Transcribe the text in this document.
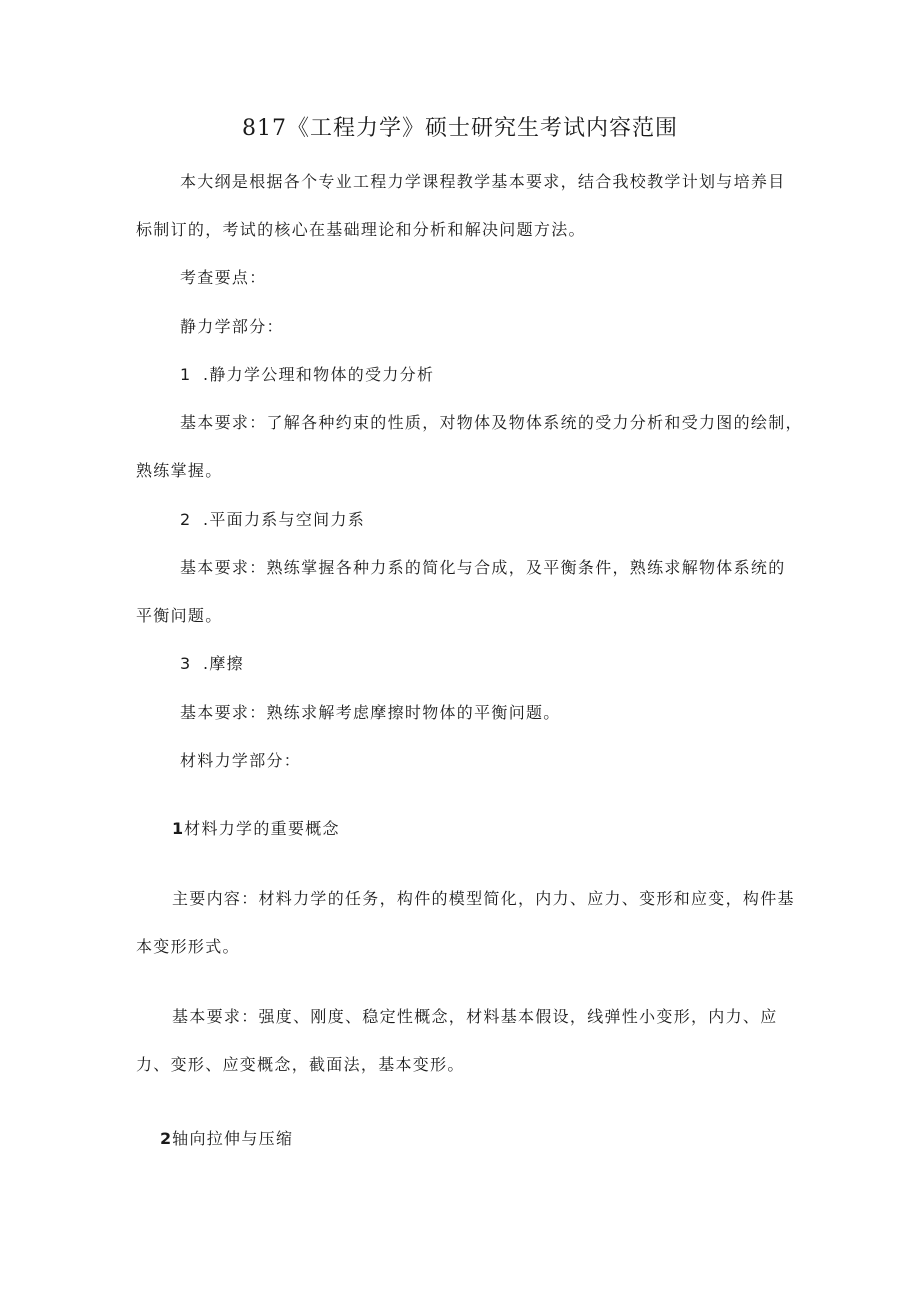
817《工程力学》硕士研究生考试内容范围
本大纲是根据各个专业工程力学课程教学基本要求，结合我校教学计划与培养目
标制订的，考试的核心在基础理论和分析和解决问题方法。
考查要点：
静力学部分：
1 .静力学公理和物体的受力分析
基本要求：了解各种约束的性质，对物体及物体系统的受力分析和受力图的绘制，
熟练掌握。
2 .平面力系与空间力系
基本要求：熟练掌握各种力系的简化与合成，及平衡条件，熟练求解物体系统的
平衡问题。
3 .摩擦
基本要求：熟练求解考虑摩擦时物体的平衡问题。
材料力学部分：
1材料力学的重要概念
主要内容：材料力学的任务，构件的模型简化，内力、应力、变形和应变，构件基
本变形形式。
基本要求：强度、刚度、稳定性概念，材料基本假设，线弹性小变形，内力、应
力、变形、应变概念，截面法，基本变形。
2轴向拉伸与压缩
